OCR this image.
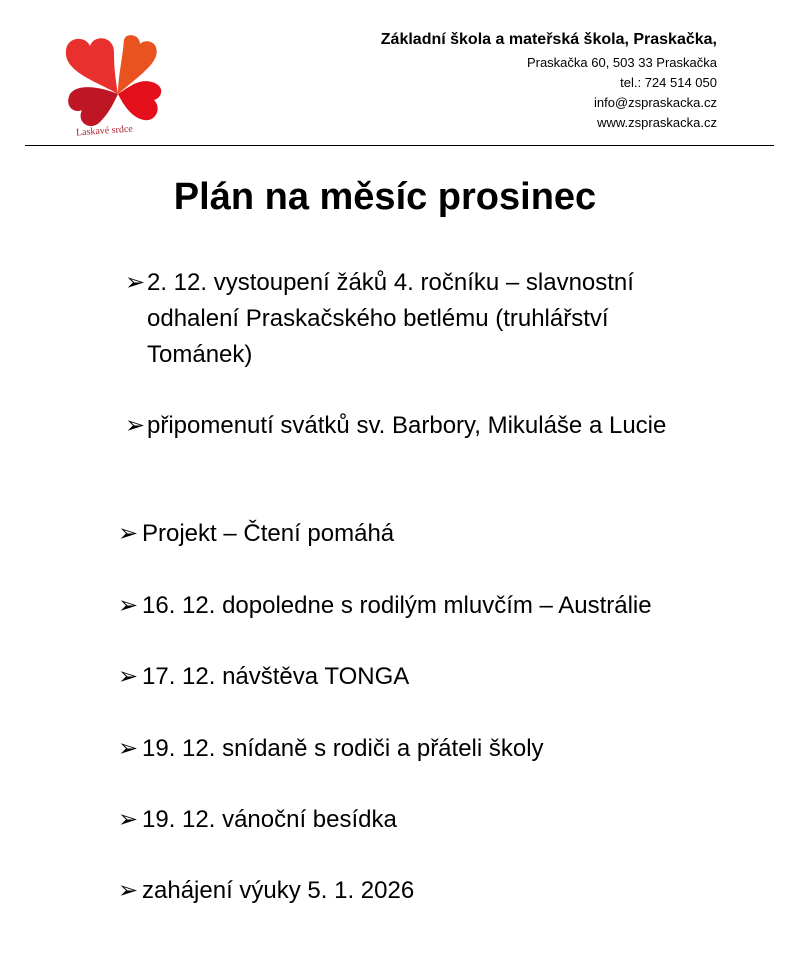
Laskavé srdce
Základní škola a mateřská škola, Praskačka,
Praskačka 60, 503 33 Praskačka
tel.: 724 514 050
info@zspraskacka.cz
www.zspraskacka.cz
Plán na měsíc prosinec
➢ 2. 12. vystoupení žáků 4. ročníku – slavnostní odhalení Praskačského betlému (truhlářství Tománek)
➢ připomenutí svátků sv. Barbory, Mikuláše a Lucie
➢ Projekt – Čtení pomáhá
➢ 16. 12. dopoledne s rodilým mluvčím – Austrálie
➢ 17. 12. návštěva TONGA
➢ 19. 12. snídaně s rodiči a přáteli školy
➢ 19. 12. vánoční besídka
➢ zahájení výuky 5. 1. 2026
